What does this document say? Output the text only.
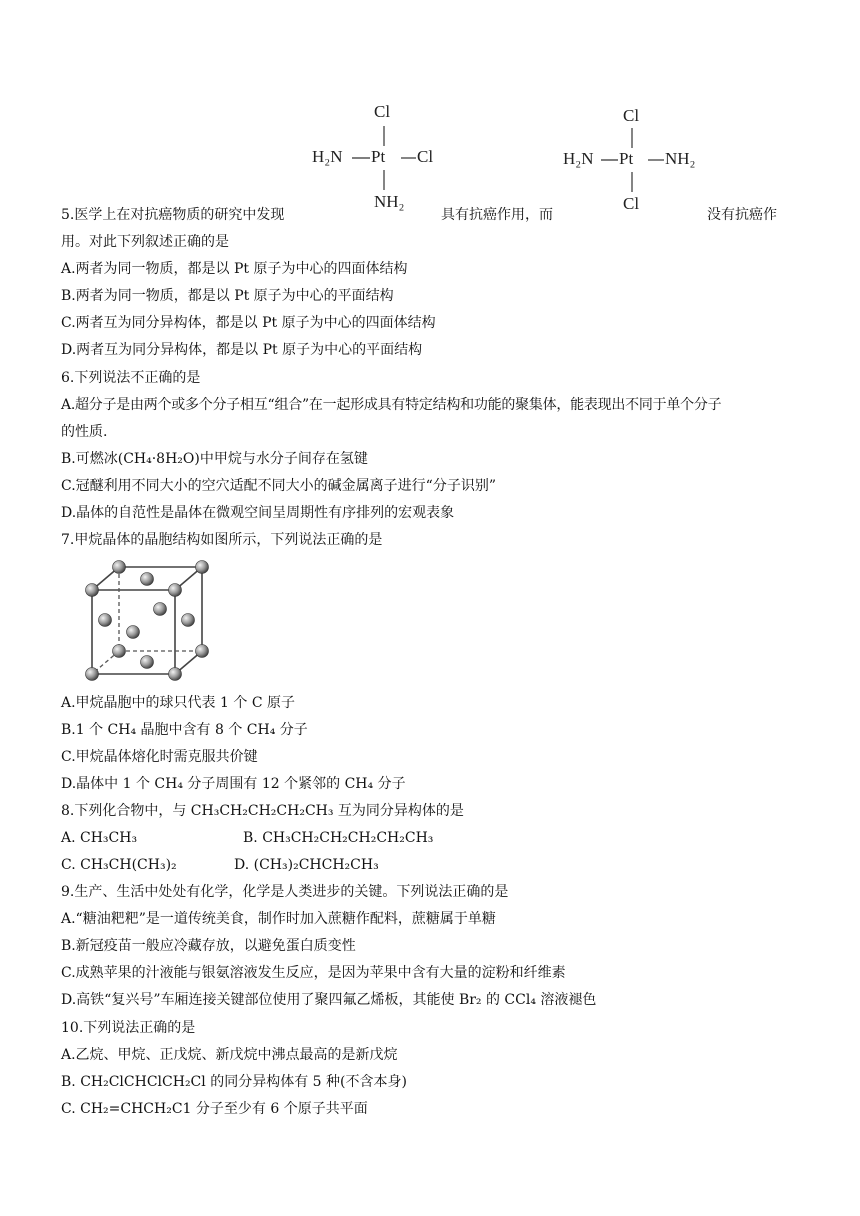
Cl
H₂N Pt Cl
NH₂
Cl
H₂N Pt NH₂
Cl
5.医学上在对抗癌物质的研究中发现	具有抗癌作用，而	没有抗癌作
用。对此下列叙述正确的是
A.两者为同一物质，都是以 Pt 原子为中心的四面体结构
B.两者为同一物质，都是以 Pt 原子为中心的平面结构
C.两者互为同分异构体，都是以 Pt 原子为中心的四面体结构
D.两者互为同分异构体，都是以 Pt 原子为中心的平面结构
6.下列说法不正确的是
A.超分子是由两个或多个分子相互“组合”在一起形成具有特定结构和功能的聚集体，能表现出不同于单个分子
的性质.
B.可燃冰(CH₄·8H₂O)中甲烷与水分子间存在氢键
C.冠醚利用不同大小的空穴适配不同大小的碱金属离子进行“分子识别”
D.晶体的自范性是晶体在微观空间呈周期性有序排列的宏观表象
7.甲烷晶体的晶胞结构如图所示，下列说法正确的是
A.甲烷晶胞中的球只代表 1 个 C 原子
B.1 个 CH₄ 晶胞中含有 8 个 CH₄ 分子
C.甲烷晶体熔化时需克服共价键
D.晶体中 1 个 CH₄ 分子周围有 12 个紧邻的 CH₄ 分子
8.下列化合物中，与 CH₃CH₂CH₂CH₂CH₃ 互为同分异构体的是
A. CH₃CH₃	B. CH₃CH₂CH₂CH₂CH₂CH₃
C. CH₃CH(CH₃)₂	D. (CH₃)₂CHCH₂CH₃
9.生产、生活中处处有化学，化学是人类进步的关键。下列说法正确的是
A.“糖油粑粑”是一道传统美食，制作时加入蔗糖作配料，蔗糖属于单糖
B.新冠疫苗一般应冷藏存放，以避免蛋白质变性
C.成熟苹果的汁液能与银氨溶液发生反应，是因为苹果中含有大量的淀粉和纤维素
D.高铁“复兴号”车厢连接关键部位使用了聚四氟乙烯板，其能使 Br₂ 的 CCl₄ 溶液褪色
10.下列说法正确的是
A.乙烷、甲烷、正戊烷、新戊烷中沸点最高的是新戊烷
B. CH₂ClCHClCH₂Cl 的同分异构体有 5 种(不含本身)
C. CH₂=CHCH₂C1 分子至少有 6 个原子共平面
